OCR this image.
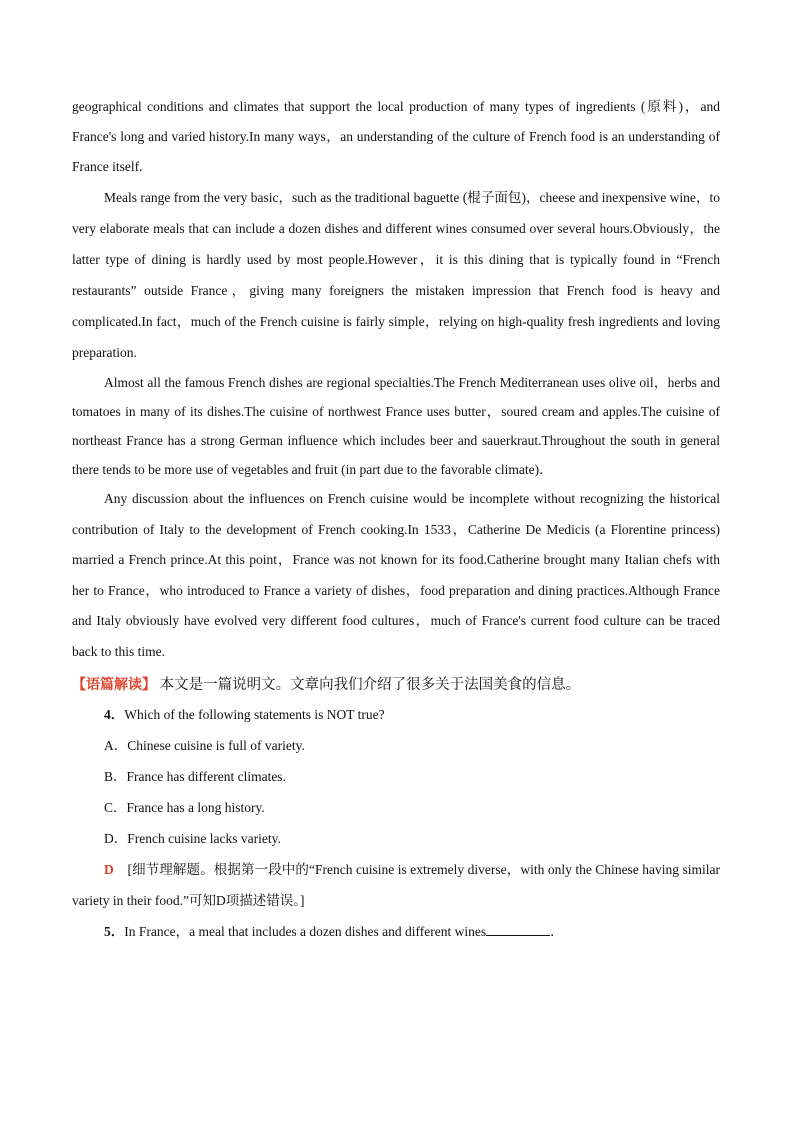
geographical conditions and climates that support the local production of many types of ingredients (原料)，and France's long and varied history.In many ways，an understanding of the culture of French food is an understanding of France itself.

Meals range from the very basic，such as the traditional baguette (棍子面包)，cheese and inexpensive wine，to very elaborate meals that can include a dozen dishes and different wines consumed over several hours.Obviously，the latter type of dining is hardly used by most people.However，it is this dining that is typically found in “French restaurants” outside France，giving many foreigners the mistaken impression that French food is heavy and complicated.In fact，much of the French cuisine is fairly simple，relying on high-quality fresh ingredients and loving preparation.

Almost all the famous French dishes are regional specialties.The French Mediterranean uses olive oil，herbs and tomatoes in many of its dishes.The cuisine of northwest France uses butter，soured cream and apples.The cuisine of northeast France has a strong German influence which includes beer and sauerkraut.Throughout the south in general there tends to be more use of vegetables and fruit (in part due to the favorable climate)．

Any discussion about the influences on French cuisine would be incomplete without recognizing the historical contribution of Italy to the development of French cooking.In 1533，Catherine De Medicis (a Florentine princess) married a French prince.At this point，France was not known for its food.Catherine brought many Italian chefs with her to France，who introduced to France a variety of dishes，food preparation and dining practices.Although France and Italy obviously have evolved very different food cultures，much of France's current food culture can be traced back to this time.

【语篇解读】 本文是一篇说明文。文章向我们介绍了很多关于法国美食的信息。
4．Which of the following statements is NOT true?
A．Chinese cuisine is full of variety.
B．France has different climates.
C．France has a long history.
D．French cuisine lacks variety.

D　 [细节理解题。根据第一段中的“French cuisine is extremely diverse，with only the Chinese having similar variety in their food.”可知D项描述错误。]

5．In France，a meal that includes a dozen dishes and different wines	．
